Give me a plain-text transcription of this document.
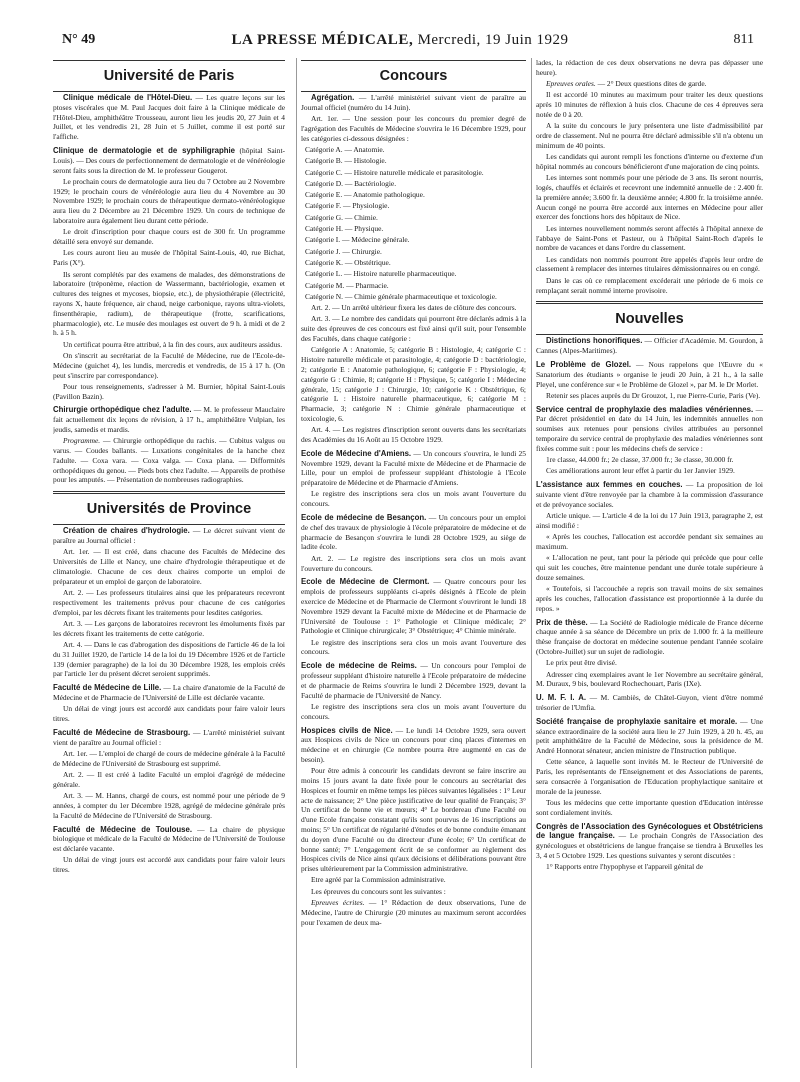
N° 49	LA PRESSE MÉDICALE, Mercredi, 19 Juin 1929	811
Université de Paris

Clinique médicale de l'Hôtel-Dieu. — Les quatre leçons sur les ptoses viscérales que M. Paul Jacques doit faire à la Clinique médicale de l'Hôtel-Dieu, amphithéâtre Trousseau, auront lieu les jeudis 20, 27 Juin et 4 Juillet, et les vendredis 21, 28 Juin et 5 Juillet, comme il est porté sur l'affiche.

Clinique de dermatologie et de syphiligraphie (hôpital Saint-Louis). — Des cours de perfectionnement de dermatologie et de vénéréologie seront faits sous la direction de M. le professeur Gougerot.

Le prochain cours de dermatologie aura lieu du 7 Octobre au 2 Novembre 1929; le prochain cours de vénéréologie aura lieu du 4 Novembre au 30 Novembre 1929; le prochain cours de thérapeutique dermato-vénéréologique aura lieu du 2 Décembre au 21 Décembre 1929. Un cours de technique de laboratoire aura également lieu durant cette période.

Le droit d'inscription pour chaque cours est de 300 fr. Un programme détaillé sera envoyé sur demande.

Les cours auront lieu au musée de l'hôpital Saint-Louis, 40, rue Bichat, Paris (X°).

Ils seront complétés par des examens de malades, des démonstrations de laboratoire (tréponème, réaction de Wassermann, bactériologie, examen et cultures des teignes et mycoses, biopsie, etc.), de physiothérapie (électricité, rayons X, haute fréquence, air chaud, neige carbonique, rayons ultra-violets, finsenthérapie, radium), de thérapeutique (frotte, scarifications, pharmacologie), etc. Le musée des moulages est ouvert de 9 h. à midi et de 2 h. à 5 h.

Un certificat pourra être attribué, à la fin des cours, aux auditeurs assidus.

On s'inscrit au secrétariat de la Faculté de Médecine, rue de l'Ecole-de-Médecine (guichet 4), les lundis, mercredis et vendredis, de 15 à 17 h. (On peut s'inscrire par correspondance).

Pour tous renseignements, s'adresser à M. Burnier, hôpital Saint-Louis (Pavillon Bazin).

Chirurgie orthopédique chez l'adulte. — M. le professeur Mauclaire fait actuellement dix leçons de révision, à 17 h., amphithéâtre Vulpian, les jeudis, samedis et mardis.

Programme. — Chirurgie orthopédique du rachis. — Cubitus valgus ou varus. — Coudes ballants. — Luxations congénitales de la hanche chez l'adulte. — Coxa vara. — Coxa valga. — Coxa plana. — Difformités orthopédiques du genou. — Pieds bots chez l'adulte. — Appareils de prothèse pour les amputés. — Présentation de nombreuses radiographies.

Universités de Province

Création de chaires d'hydrologie. — Le décret suivant vient de paraître au Journal officiel :

Art. 1er. — Il est créé, dans chacune des Facultés de Médecine des Universités de Lille et Nancy, une chaire d'hydrologie thérapeutique et de climatologie. Chacune de ces deux chaires comporte un emploi de préparateur et un emploi de garçon de laboratoire.

Art. 2. — Les professeurs titulaires ainsi que les préparateurs recevront respectivement les traitements prévus pour chacune de ces catégories d'emploi, par les décrets fixant les traitements pour lesdites catégories.

Art. 3. — Les garçons de laboratoires recevront les émoluments fixés par les décrets fixant les traitements de cette catégorie.

Art. 4. — Dans le cas d'abrogation des dispositions de l'article 46 de la loi du 31 Juillet 1920, de l'article 14 de la loi du 19 Décembre 1926 et de l'article 139 (dernier paragraphe) de la loi du 30 Décembre 1928, les emplois créés par l'article 1er du présent décret seroient supprimés.

Faculté de Médecine de Lille. — La chaire d'anatomie de la Faculté de Médecine et de Pharmacie de l'Université de Lille est déclarée vacante.

Un délai de vingt jours est accordé aux candidats pour faire valoir leurs titres.

Faculté de Médecine de Strasbourg. — L'arrêté ministériel suivant vient de paraître au Journal officiel :

Art. 1er. — L'emploi de chargé de cours de médecine générale à la Faculté de Médecine de l'Université de Strasbourg est supprimé.

Art. 2. — Il est créé à ladite Faculté un emploi d'agrégé de médecine générale.

Art. 3. — M. Hanns, chargé de cours, est nommé pour une période de 9 années, à compter du 1er Décembre 1928, agrégé de médecine générale près la Faculté de Médecine de l'Université de Strasbourg.

Faculté de Médecine de Toulouse. — La chaire de physique biologique et médicale de la Faculté de Médecine de l'Université de Toulouse est déclarée vacante.

Un délai de vingt jours est accordé aux candidats pour faire valoir leurs titres.

Concours

Agrégation. — L'arrêté ministériel suivant vient de paraître au Journal officiel (numéro du 14 Juin).

Art. 1er. — Une session pour les concours du premier degré de l'agrégation des Facultés de Médecine s'ouvrira le 16 Décembre 1929, pour les catégories ci-dessous désignées :

Catégorie A. — Anatomie.

Catégorie B. — Histologie.

Catégorie C. — Histoire naturelle médicale et parasitologie.

Catégorie D. — Bactériologie.

Catégorie E. — Anatomie pathologique.

Catégorie F. — Physiologie.

Catégorie G. — Chimie.

Catégorie H. — Physique.

Catégorie I. — Médecine générale.

Catégorie J. — Chirurgie.

Catégorie K. — Obstétrique.

Catégorie L. — Histoire naturelle pharmaceutique.

Catégorie M. — Pharmacie.

Catégorie N. — Chimie générale pharmaceutique et toxicologie.

Art. 2. — Un arrêté ultérieur fixera les dates de clôture des concours.

Art. 3. — Le nombre des candidats qui pourront être déclarés admis à la suite des épreuves de ces concours est fixé ainsi qu'il suit, pour l'ensemble des Facultés, dans chaque catégorie :

Catégorie A : Anatomie, 5; catégorie B : Histologie, 4; catégorie C : Histoire naturelle médicale et parasitologie, 4; catégorie D : bactériologie, 2; catégorie E : Anatomie pathologique, 6; catégorie F : Physiologie, 4; catégorie G : Chimie, 8; catégorie H : Physique, 5; catégorie I : Médecine générale, 15; catégorie J : Chirurgie, 10; catégorie K : Obstétrique, 6; catégorie L : Histoire naturelle pharmaceutique, 6; catégorie M : Pharmacie, 3; catégorie N : Chimie générale pharmaceutique et toxicologie, 6.

Art. 4. — Les registres d'inscription seront ouverts dans les secrétariats des Académies du 16 Août au 15 Octobre 1929.

Ecole de Médecine d'Amiens. — Un concours s'ouvrira, le lundi 25 Novembre 1929, devant la Faculté mixte de Médecine et de Pharmacie de Lille, pour un emploi de professeur suppléant d'histologie à l'Ecole préparatoire de Médecine et de Pharmacie d'Amiens.

Le registre des inscriptions sera clos un mois avant l'ouverture du concours.

Ecole de médecine de Besançon. — Un concours pour un emploi de chef des travaux de physiologie à l'école préparatoire de médecine et de pharmacie de Besançon s'ouvrira le lundi 28 Octobre 1929, au siège de ladite école.

Art. 2. — Le registre des inscriptions sera clos un mois avant l'ouverture du concours.

Ecole de Médecine de Clermont. — Quatre concours pour les emplois de professeurs suppléants ci-après désignés à l'Ecole de plein exercice de Médecine et de Pharmacie de Clermont s'ouvriront le lundi 18 Novembre 1929 devant la Faculté mixte de Médecine et de Pharmacie de l'Université de Toulouse : 1° Pathologie et Clinique médicale; 2° Pathologie et Clinique chirurgicale; 3° Obstétrique; 4° Chimie minérale.

Le registre des inscriptions sera clos un mois avant l'ouverture des concours.

Ecole de médecine de Reims. — Un concours pour l'emploi de professeur suppléant d'histoire naturelle à l'Ecole préparatoire de médecine et de pharmacie de Reims s'ouvrira le lundi 2 Décembre 1929, devant la Faculté de pharmacie de l'Université de Nancy.

Le registre des inscriptions sera clos un mois avant l'ouverture du concours.

Hospices civils de Nice. — Le lundi 14 Octobre 1929, sera ouvert aux Hospices civils de Nice un concours pour cinq places d'internes en médecine et en chirurgie (Ce nombre pourra être augmenté en cas de besoin).

Pour être admis à concourir les candidats devront se faire inscrire au moins 15 jours avant la date fixée pour le concours au secrétariat des Hospices et fournir en même temps les pièces suivantes légalisées : 1° Leur acte de naissance; 2° Une pièce justificative de leur qualité de Français; 3° Un certificat de bonne vie et mœurs; 4° Le bordereau d'une Faculté ou d'une Ecole française constatant qu'ils sont pourvus de 16 inscriptions au moins; 5° Un certificat de régularité d'études et de bonne conduite émanant du doyen d'une Faculté ou du directeur d'une école; 6° Un certificat de bonne santé; 7° L'engagement écrit de se conformer au règlement des Hospices civils de Nice ainsi qu'aux décisions et délibérations pouvant être prises ultérieurement par la Commission administrative.

Etre agréé par la Commission administrative.

Les épreuves du concours sont les suivantes :

Epreuves écrites. — 1° Rédaction de deux observations, l'une de Médecine, l'autre de Chirurgie (20 minutes au maximum seront accordées pour l'examen de deux ma-

lades, la rédaction de ces deux observations ne devra pas dépasser une heure).

Epreuves orales. — 2° Deux questions dites de garde.

Il est accordé 10 minutes au maximum pour traiter les deux questions après 10 minutes de réflexion à huis clos. Chacune de ces 4 épreuves sera notée de 0 à 20.

A la suite du concours le jury présentera une liste d'admissibilité par ordre de classement. Nul ne pourra être déclaré admissible s'il n'a obtenu un minimum de 40 points.

Les candidats qui auront rempli les fonctions d'interne ou d'externe d'un hôpital nommés au concours bénéficieront d'une majoration de cinq points.

Les internes sont nommés pour une période de 3 ans. Ils seront nourris, logés, chauffés et éclairés et recevront une indemnité annuelle de : 2.400 fr. la première année; 3.600 fr. la deuxième année; 4.800 fr. la troisième année. Aucun congé ne pourra être accordé aux internes en Médecine pour aller exercer des fonctions hors des hôpitaux de Nice.

Les internes nouvellement nommés seront affectés à l'hôpital annexe de l'abbaye de Saint-Pons et Pasteur, ou à l'hôpital Saint-Roch d'après le nombre de vacances et dans l'ordre du classement.

Les candidats non nommés pourront être appelés d'après leur ordre de classement à remplacer des internes titulaires démissionnaires ou en congé.

Dans le cas où ce remplacement excéderait une période de 6 mois ce remplaçant serait nommé interne provisoire.

Nouvelles

Distinctions honorifiques. — Officier d'Académie. M. Gourdon, à Cannes (Alpes-Maritimes).

Le Problème de Glozel. — Nous rappelons que l'Œuvre du « Sanatorium des étudiants » organise le jeudi 20 Juin, à 21 h., à la salle Pleyel, une conférence sur « le Problème de Glozel », par M. le Dr Morlet.

Retenir ses places auprès du Dr Grouzot, 1, rue Pierre-Curie, Paris (Ve).

Service central de prophylaxie des maladies vénériennes. — Par décret présidentiel en date du 14 Juin, les indemnités annuelles non soumises aux retenues pour pensions civiles attribuées au personnel temporaire du service central de prophylaxie des maladies vénériennes sont fixées comme suit : pour les médecins chefs de service :

1re classe, 44.000 fr.; 2e classe, 37.000 fr.; 3e classe, 30.000 fr.

Ces améliorations auront leur effet à partir du 1er Janvier 1929.

L'assistance aux femmes en couches. — La proposition de loi suivante vient d'être renvoyée par la chambre à la commission d'assurance et de prévoyance sociales.

Article unique. — L'article 4 de la loi du 17 Juin 1913, paragraphe 2, est ainsi modifié :

« Après les couches, l'allocation est accordée pendant six semaines au maximum.

« L'allocation ne peut, tant pour la période qui précède que pour celle qui suit les couches, être maintenue pendant une durée totale supérieure à douze semaines.

« Toutefois, si l'accouchée a repris son travail moins de six semaines après les couches, l'allocation d'assistance est proportionnée à la durée du repos. »

Prix de thèse. — La Société de Radiologie médicale de France décerne chaque année à sa séance de Décembre un prix de 1.000 fr. à la meilleure thèse française de doctorat en médecine soutenue pendant l'année scolaire (Octobre-Juillet) sur un sujet de radiologie.

Le prix peut être divisé.

Adresser cinq exemplaires avant le 1er Novembre au secrétaire général, M. Duraux, 9 bis, boulevard Rochechouart, Paris (IXe).

U. M. F. I. A. — M. Cambiès, de Châtel-Guyon, vient d'être nommé trésorier de l'Umfia.

Société française de prophylaxie sanitaire et morale. — Une séance extraordinaire de la société aura lieu le 27 Juin 1929, à 20 h. 45, au petit amphithéâtre de la Faculté de Médecine, sous la présidence de M. André Honnorat sénateur, ancien ministre de l'Instruction publique.

Cette séance, à laquelle sont invités M. le Recteur de l'Université de Paris, les représentants de l'Enseignement et des Associations de parents, sera consacrée à l'organisation de l'Education prophylactique sanitaire et morale de la jeunesse.

Tous les médecins que cette importante question d'Education intéresse sont cordialement invités.

Congrès de l'Association des Gynécologues et Obstétriciens de langue française. — Le prochain Congrès de l'Association des gynécologues et obstétriciens de langue française se tiendra à Bruxelles les 3, 4 et 5 Octobre 1929. Les questions suivantes y seront discutées :

1° Rapports entre l'hypophyse et l'appareil génital de
